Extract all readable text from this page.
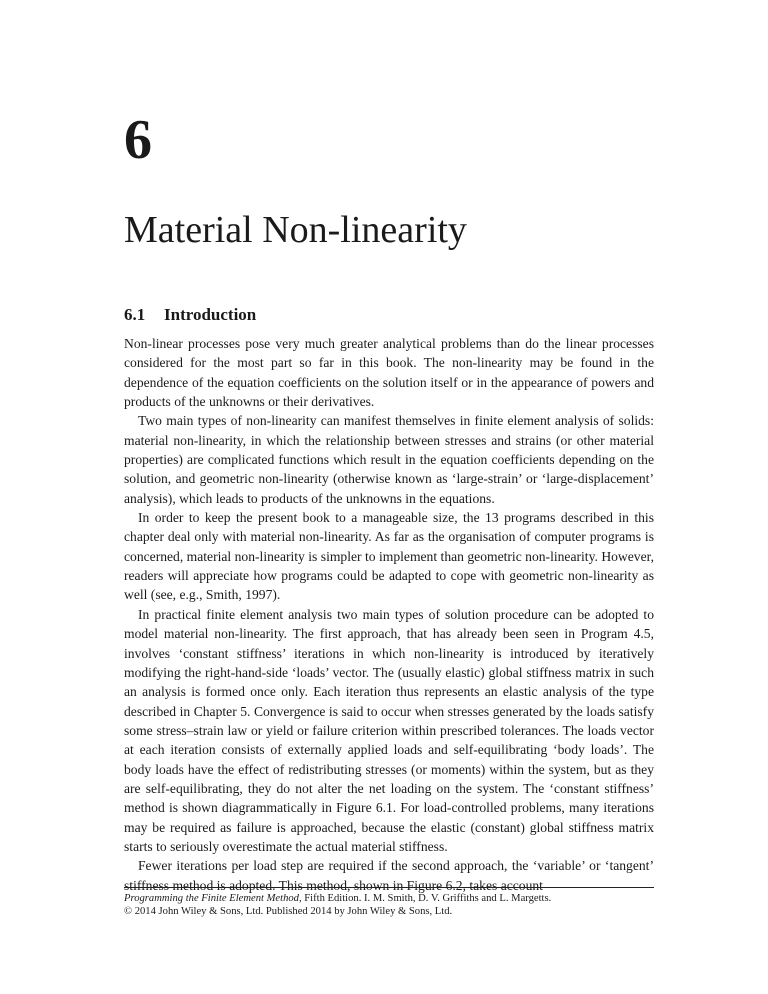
6
Material Non-linearity
6.1 Introduction

Non-linear processes pose very much greater analytical problems than do the linear processes considered for the most part so far in this book. The non-linearity may be found in the dependence of the equation coefficients on the solution itself or in the appearance of powers and products of the unknowns or their derivatives.

Two main types of non-linearity can manifest themselves in finite element analysis of solids: material non-linearity, in which the relationship between stresses and strains (or other material properties) are complicated functions which result in the equation coefficients depending on the solution, and geometric non-linearity (otherwise known as ‘large-strain’ or ‘large-displacement’ analysis), which leads to products of the unknowns in the equations.

In order to keep the present book to a manageable size, the 13 programs described in this chapter deal only with material non-linearity. As far as the organisation of computer programs is concerned, material non-linearity is simpler to implement than geometric non-linearity. However, readers will appreciate how programs could be adapted to cope with geometric non-linearity as well (see, e.g., Smith, 1997).

In practical finite element analysis two main types of solution procedure can be adopted to model material non-linearity. The first approach, that has already been seen in Program 4.5, involves ‘constant stiffness’ iterations in which non-linearity is introduced by iteratively modifying the right-hand-side ‘loads’ vector. The (usually elastic) global stiffness matrix in such an analysis is formed once only. Each iteration thus represents an elastic analysis of the type described in Chapter 5. Convergence is said to occur when stresses generated by the loads satisfy some stress–strain law or yield or failure criterion within prescribed tolerances. The loads vector at each iteration consists of externally applied loads and self-equilibrating ‘body loads’. The body loads have the effect of redistributing stresses (or moments) within the system, but as they are self-equilibrating, they do not alter the net loading on the system. The ‘constant stiffness’ method is shown diagrammatically in Figure 6.1. For load-controlled problems, many iterations may be required as failure is approached, because the elastic (constant) global stiffness matrix starts to seriously overestimate the actual material stiffness.

Fewer iterations per load step are required if the second approach, the ‘variable’ or ‘tangent’ stiffness method is adopted. This method, shown in Figure 6.2, takes account

Programming the Finite Element Method, Fifth Edition. I. M. Smith, D. V. Griffiths and L. Margetts.
© 2014 John Wiley & Sons, Ltd. Published 2014 by John Wiley & Sons, Ltd.
